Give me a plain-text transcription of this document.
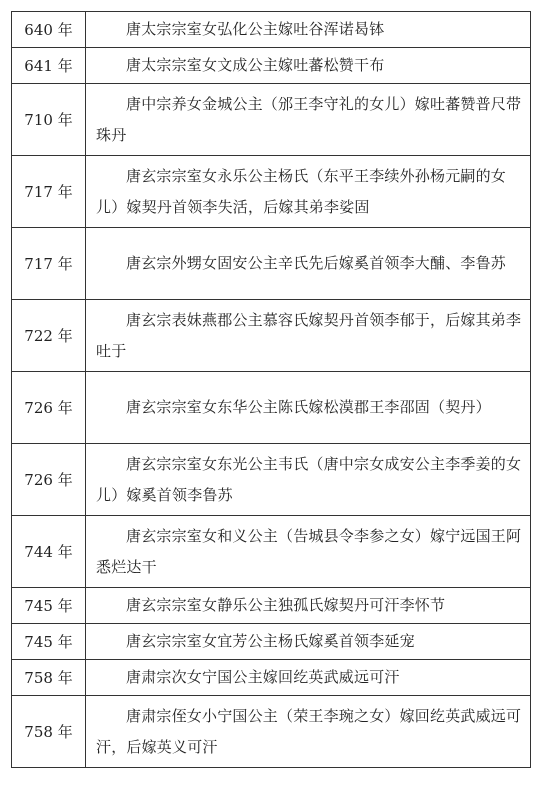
640 年	唐太宗宗室女弘化公主嫁吐谷浑诺曷钵
641 年	唐太宗宗室女文成公主嫁吐蕃松赞干布
710 年	唐中宗养女金城公主（邠王李守礼的女儿）嫁吐蕃赞普尺带珠丹
717 年	唐玄宗宗室女永乐公主杨氏（东平王李续外孙杨元嗣的女儿）嫁契丹首领李失活，后嫁其弟李娑固
717 年	唐玄宗外甥女固安公主辛氏先后嫁奚首领李大酺、李鲁苏
722 年	唐玄宗表妹燕郡公主慕容氏嫁契丹首领李郁于，后嫁其弟李吐于
726 年	唐玄宗宗室女东华公主陈氏嫁松漠郡王李邵固（契丹）
726 年	唐玄宗宗室女东光公主韦氏（唐中宗女成安公主李季姜的女儿）嫁奚首领李鲁苏
744 年	唐玄宗宗室女和义公主（告城县令李参之女）嫁宁远国王阿悉烂达干
745 年	唐玄宗宗室女静乐公主独孤氏嫁契丹可汗李怀节
745 年	唐玄宗宗室女宜芳公主杨氏嫁奚首领李延宠
758 年	唐肃宗次女宁国公主嫁回纥英武威远可汗
758 年	唐肃宗侄女小宁国公主（荣王李琬之女）嫁回纥英武威远可汗，后嫁英义可汗
